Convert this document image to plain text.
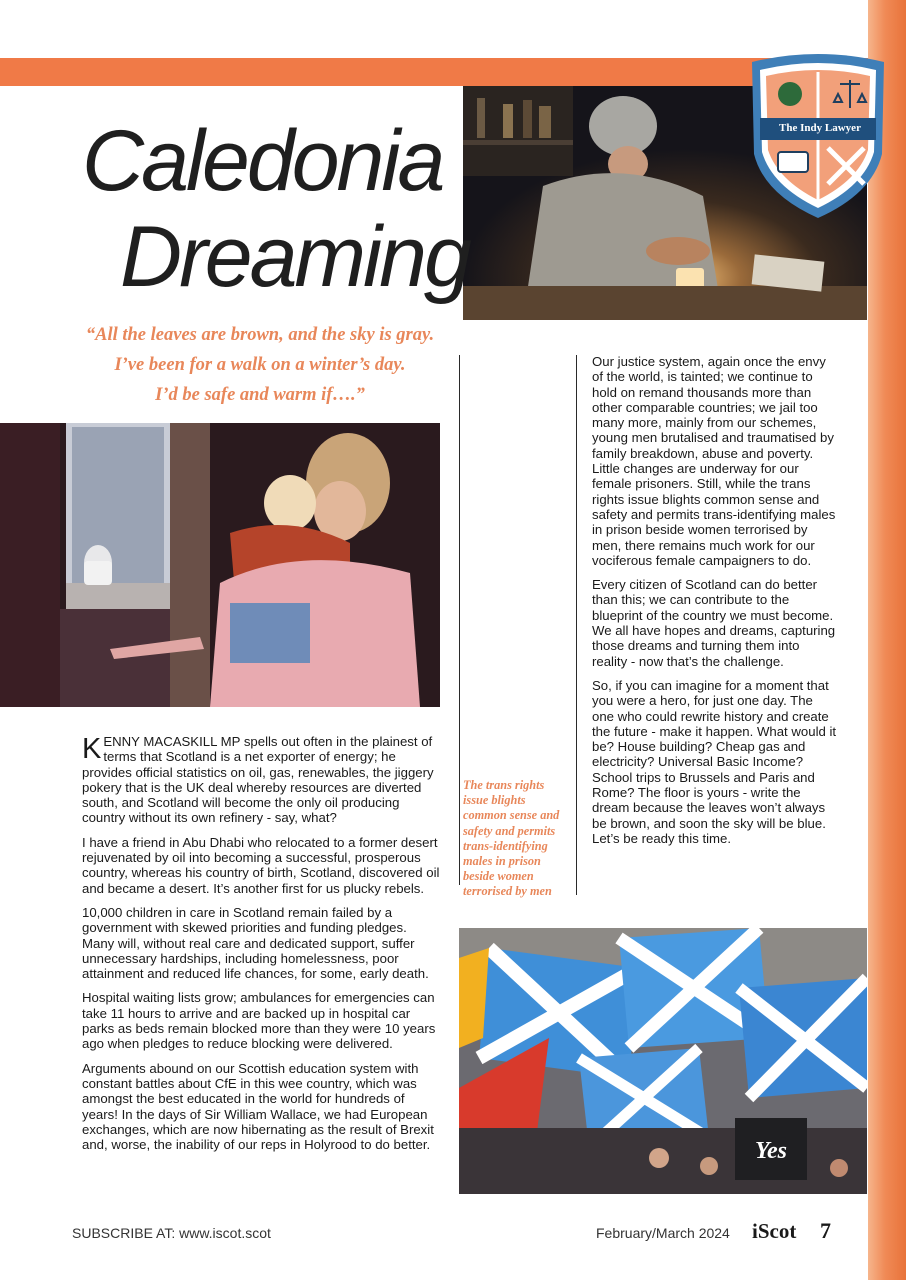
The Indy Lawyer
Caledonia
Dreaming
“All the leaves are brown, and the sky is gray.
I’ve been for a walk on a winter’s day.
I’d be safe and warm if….”
The trans rights issue blights common sense and safety and permits trans-identifying males in prison beside women terrorised by men

KENNY MACASKILL MP spells out often in the plainest of terms that Scotland is a net exporter of energy; he provides official statistics on oil, gas, renewables, the jiggery pokery that is the UK deal whereby resources are diverted south, and Scotland will become the only oil producing country without its own refinery - say, what?

I have a friend in Abu Dhabi who relocated to a former desert rejuvenated by oil into becoming a successful, prosperous country, whereas his country of birth, Scotland, discovered oil and became a desert. It’s another first for us plucky rebels.

10,000 children in care in Scotland remain failed by a government with skewed priorities and funding pledges. Many will, without real care and dedicated support, suffer unnecessary hardships, including homelessness, poor attainment and reduced life chances, for some, early death.

Hospital waiting lists grow; ambulances for emergencies can take 11 hours to arrive and are backed up in hospital car parks as beds remain blocked more than they were 10 years ago when pledges to reduce blocking were delivered.

Arguments abound on our Scottish education system with constant battles about CfE in this wee country, which was amongst the best educated in the world for hundreds of years! In the days of Sir William Wallace, we had European exchanges, which are now hibernating as the result of Brexit and, worse, the inability of our reps in Holyrood to do better.

Our justice system, again once the envy of the world, is tainted; we continue to hold on remand thousands more than other comparable countries; we jail too many more, mainly from our schemes, young men brutalised and traumatised by family breakdown, abuse and poverty. Little changes are underway for our female prisoners. Still, while the trans rights issue blights common sense and safety and permits trans-identifying males in prison beside women terrorised by men, there remains much work for our vociferous female campaigners to do.

Every citizen of Scotland can do better than this; we can contribute to the blueprint of the country we must become. We all have hopes and dreams, capturing those dreams and turning them into reality - now that’s the challenge.

So, if you can imagine for a moment that you were a hero, for just one day. The one who could rewrite history and create the future - make it happen. What would it be? House building? Cheap gas and electricity? Universal Basic Income? School trips to Brussels and Paris and Rome? The floor is yours - write the dream because the leaves won’t always be brown, and soon the sky will be blue. Let’s be ready this time.

Yes
SUBSCRIBE AT: www.iscot.scot	February/March 2024 iScot 7
